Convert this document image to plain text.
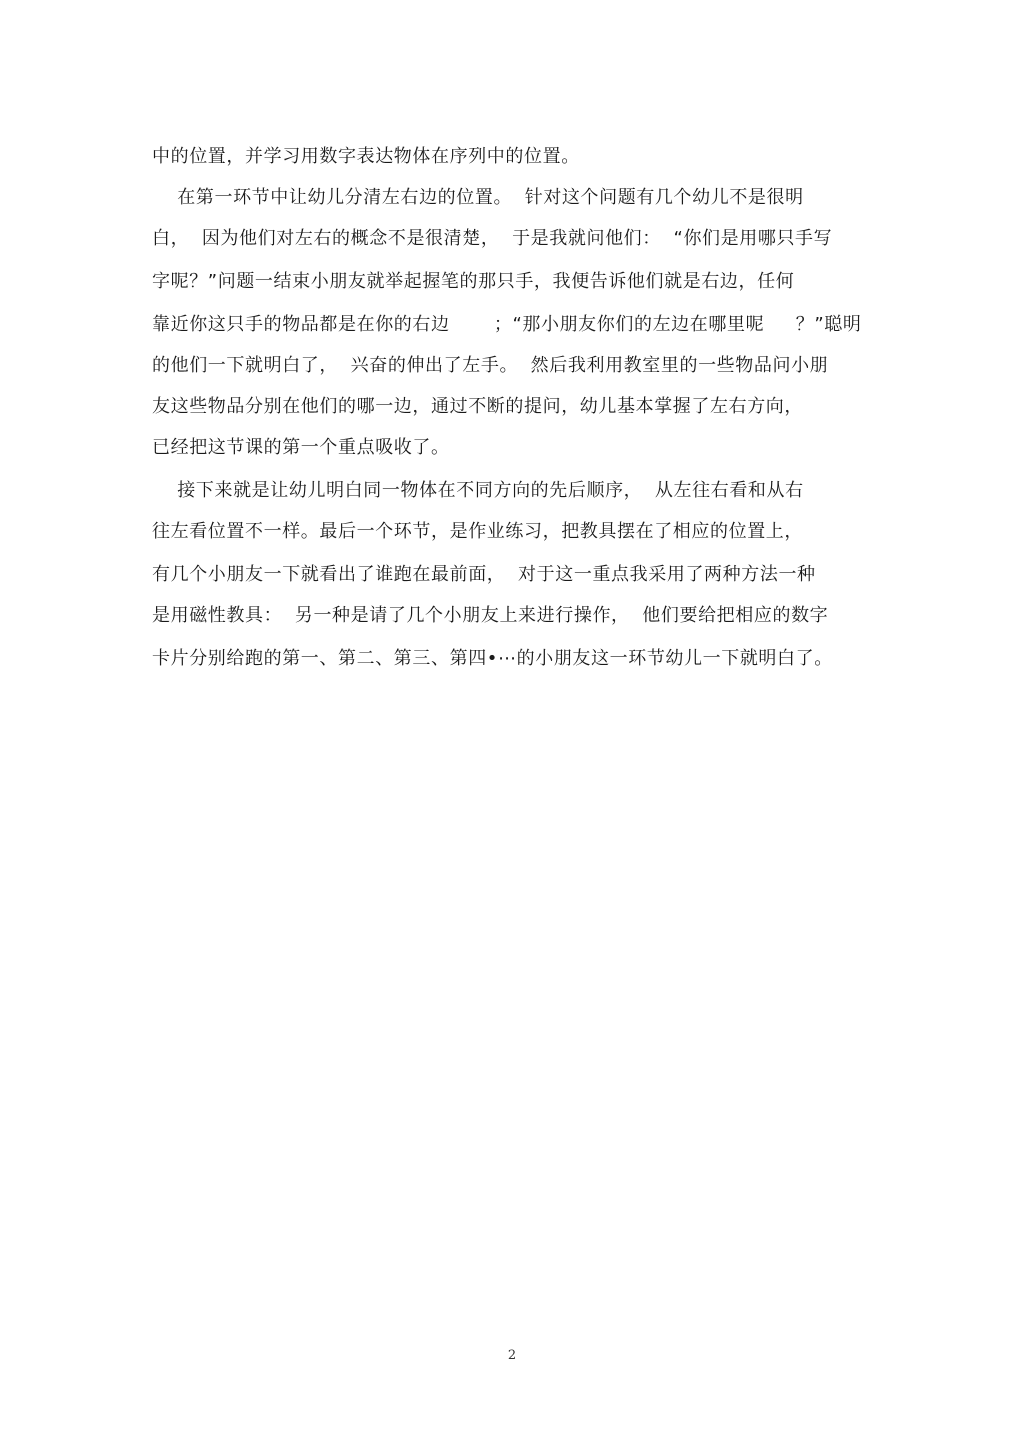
中的位置，并学习用数字表达物体在序列中的位置。
在第一环节中让幼儿分清左右边的位置。  针对这个问题有几个幼儿不是很明
白，  因为他们对左右的概念不是很清楚，  于是我就问他们：  “你们是用哪只手写
字呢？”问题一结束小朋友就举起握笔的那只手，我便告诉他们就是右边，任何
靠近你这只手的物品都是在你的右边       ；“那小朋友你们的左边在哪里呢     ？”聪明
的他们一下就明白了，  兴奋的伸出了左手。  然后我利用教室里的一些物品问小朋
友这些物品分别在他们的哪一边，通过不断的提问，幼儿基本掌握了左右方向，
已经把这节课的第一个重点吸收了。
接下来就是让幼儿明白同一物体在不同方向的先后顺序，  从左往右看和从右
往左看位置不一样。最后一个环节，是作业练习，把教具摆在了相应的位置上，
有几个小朋友一下就看出了谁跑在最前面，  对于这一重点我采用了两种方法一种
是用磁性教具：  另一种是请了几个小朋友上来进行操作，  他们要给把相应的数字
卡片分别给跑的第一、第二、第三、第四•⋯的小朋友这一环节幼儿一下就明白了。
2
